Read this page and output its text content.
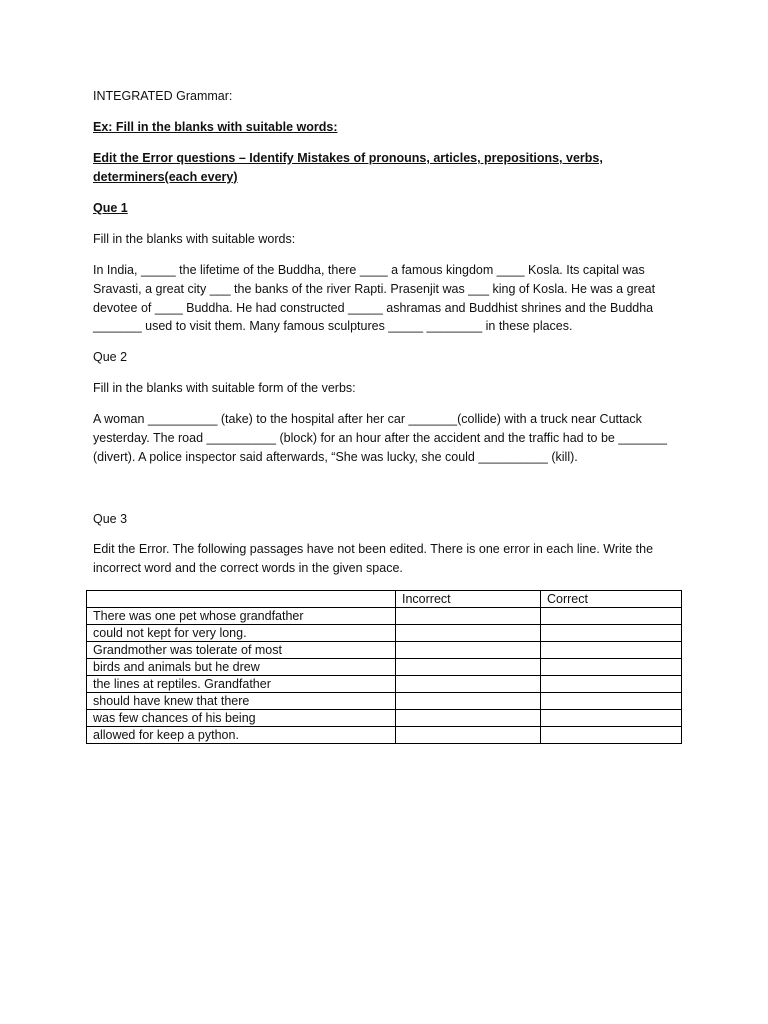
INTEGRATED Grammar:

Ex: Fill in the blanks with suitable words:

Edit the Error questions – Identify Mistakes of pronouns, articles, prepositions, verbs, determiners(each every)

Que 1

Fill in the blanks with suitable words:

In India, _____ the lifetime of the Buddha, there ____ a famous kingdom ____ Kosla. Its capital was Sravasti, a great city ___ the banks of the river Rapti. Prasenjit was ___ king of Kosla. He was a great devotee of ____ Buddha. He had constructed _____ ashramas and Buddhist shrines and the Buddha _______ used to visit them. Many famous sculptures _____ ________ in these places.

Que 2

Fill in the blanks with suitable form of the verbs:

A woman __________ (take) to the hospital after her car _______(collide) with a truck near Cuttack yesterday. The road __________ (block) for an hour after the accident and the traffic had to be _______ (divert). A police inspector said afterwards, “She was lucky, she could __________ (kill).

Que 3

Edit the Error. The following passages have not been edited. There is one error in each line. Write the incorrect word and the correct words in the given space.

	Incorrect	Correct
There was one pet whose grandfather		
could not kept for very long.		
Grandmother was tolerate of most		
birds and animals but he drew		
the lines at reptiles. Grandfather		
should have knew that there		
was few chances of his being		
allowed for keep a python.		
